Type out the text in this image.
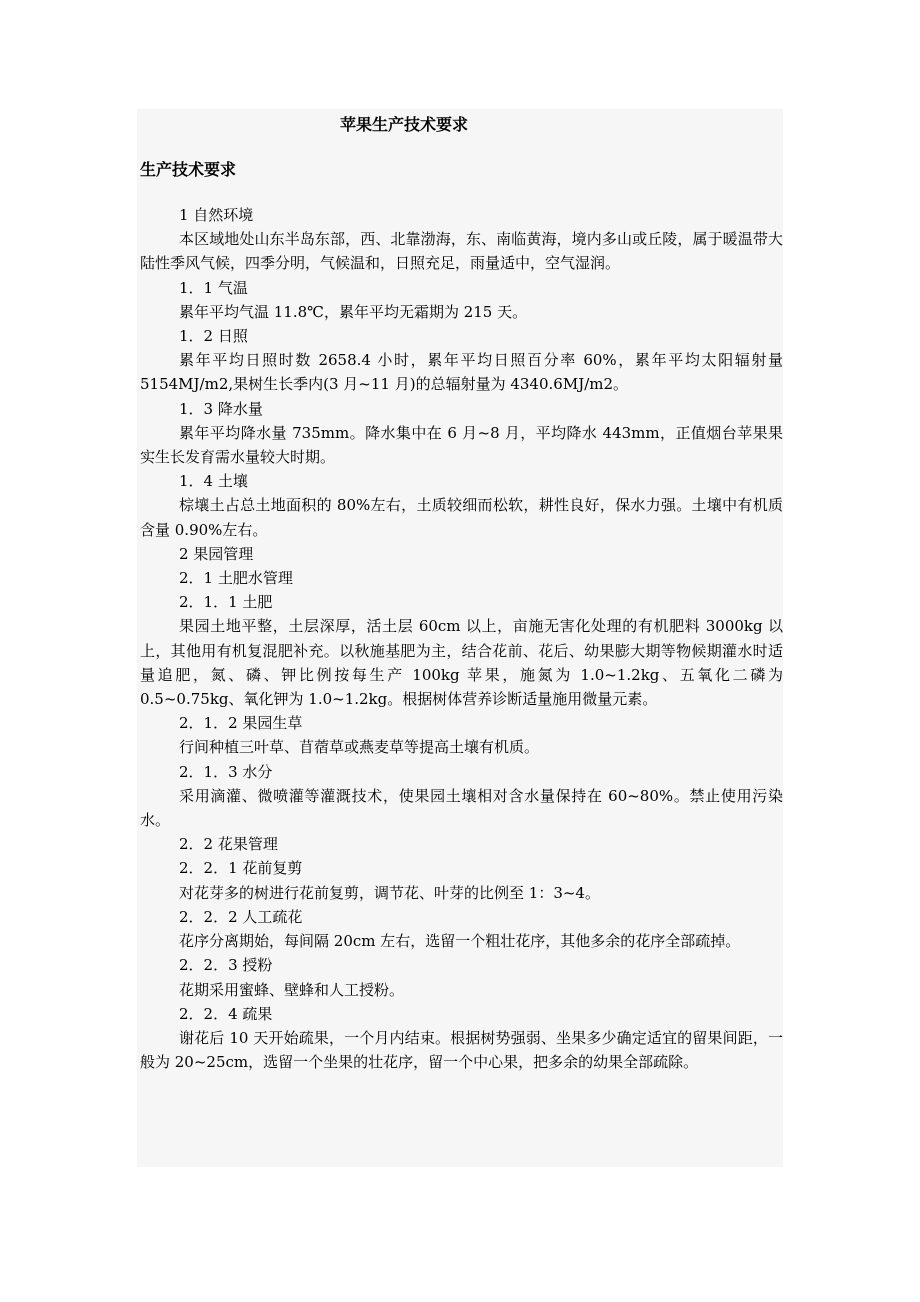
苹果生产技术要求
生产技术要求

1 自然环境

本区域地处山东半岛东部，西、北靠渤海，东、南临黄海，境内多山或丘陵，属于暖温带大陆性季风气候，四季分明，气候温和，日照充足，雨量适中，空气湿润。

1．1 气温

累年平均气温 11.8℃，累年平均无霜期为 215 天。

1．2 日照

累年平均日照时数 2658.4 小时，累年平均日照百分率 60%，累年平均太阳辐射量 5154MJ/m2,果树生长季内(3 月~11 月)的总辐射量为 4340.6MJ/m2。

1．3 降水量

累年平均降水量 735mm。降水集中在 6 月~8 月，平均降水 443mm，正值烟台苹果果实生长发育需水量较大时期。

1．4 土壤

棕壤土占总土地面积的 80%左右，土质较细而松软，耕性良好，保水力强。土壤中有机质含量 0.90%左右。

2 果园管理

2．1 土肥水管理

2．1．1 土肥

果园土地平整，土层深厚，活土层 60cm 以上，亩施无害化处理的有机肥料 3000kg 以上，其他用有机复混肥补充。以秋施基肥为主，结合花前、花后、幼果膨大期等物候期灌水时适量追肥，氮、磷、钾比例按每生产 100kg 苹果，施氮为 1.0~1.2kg、五氧化二磷为 0.5~0.75kg、氧化钾为 1.0~1.2kg。根据树体营养诊断适量施用微量元素。

2．1．2 果园生草

行间种植三叶草、苜蓿草或燕麦草等提高土壤有机质。

2．1．3 水分

采用滴灌、微喷灌等灌溉技术，使果园土壤相对含水量保持在 60~80%。禁止使用污染水。

2．2 花果管理

2．2．1 花前复剪

对花芽多的树进行花前复剪，调节花、叶芽的比例至 1：3~4。

2．2．2 人工疏花

花序分离期始，每间隔 20cm 左右，选留一个粗壮花序，其他多余的花序全部疏掉。

2．2．3 授粉

花期采用蜜蜂、壁蜂和人工授粉。

2．2．4 疏果

谢花后 10 天开始疏果，一个月内结束。根据树势强弱、坐果多少确定适宜的留果间距，一般为 20~25cm，选留一个坐果的壮花序，留一个中心果，把多余的幼果全部疏除。
